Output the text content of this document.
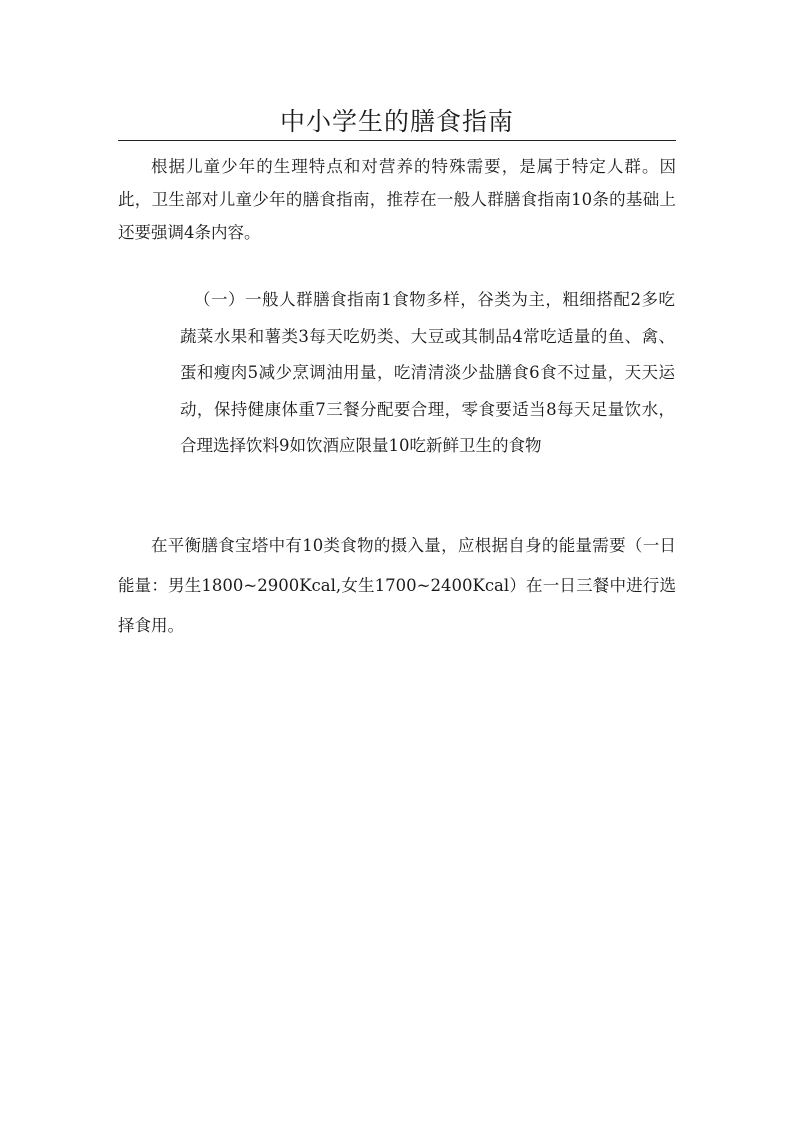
中小学生的膳食指南

根据儿童少年的生理特点和对营养的特殊需要，是属于特定人群。因此，卫生部对儿童少年的膳食指南，推荐在一般人群膳食指南10条的基础上还要强调4条内容。

（一）一般人群膳食指南1食物多样，谷类为主，粗细搭配2多吃蔬菜水果和薯类3每天吃奶类、大豆或其制品4常吃适量的鱼、禽、蛋和瘦肉5减少烹调油用量，吃清清淡少盐膳食6食不过量，天天运动，保持健康体重7三餐分配要合理，零食要适当8每天足量饮水，合理选择饮料9如饮酒应限量10吃新鲜卫生的食物

在平衡膳食宝塔中有10类食物的摄入量，应根据自身的能量需要（一日能量：男生1800~2900Kcal,女生1700~2400Kcal）在一日三餐中进行选择食用。
